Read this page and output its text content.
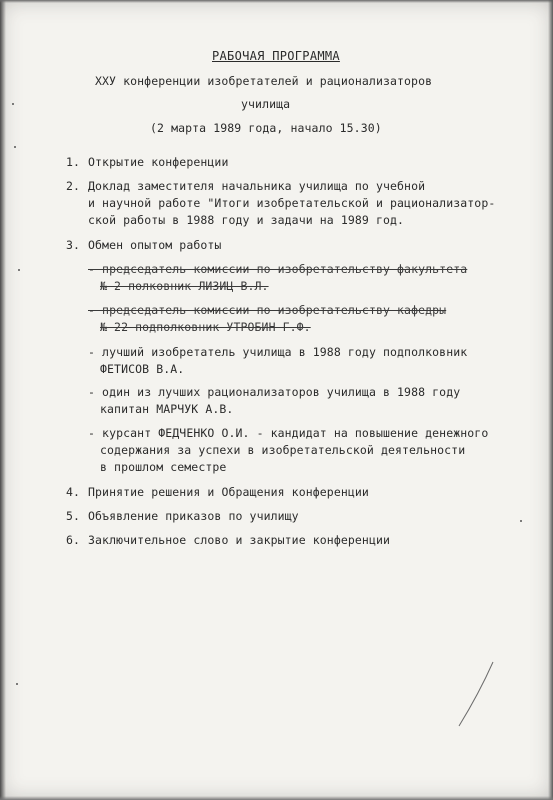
РАБОЧАЯ ПРОГРАММА

XXУ конференции изобретателей и рационализаторов

училища

(2 марта 1989 года, начало 15.30)

1. Открытие конференции

2. Доклад заместителя начальника училища по учебной

и научной работе "Итоги изобретательской и рационализатор-

ской работы в 1988 году и задачи на 1989 год.

3. Обмен опытом работы

- председатель комиссии по изобретательству факультета

№ 2 полковник ЛИЗИЦ В.Л.

- председатель комиссии по изобретательству кафедры

№ 22 подполковник УТРОБИН Г.Ф.

- лучший изобретатель училища в 1988 году подполковник

ФЕТИСОВ В.А.

- один из лучших рационализаторов училища в 1988 году

капитан МАРЧУК А.В.

- курсант ФЕДЧЕНКО О.И. - кандидат на повышение денежного

содержания за успехи в изобретательской деятельности

в прошлом семестре

4. Принятие решения и Обращения конференции

5. Объявление приказов по училищу

6. Заключительное слово и закрытие конференции
